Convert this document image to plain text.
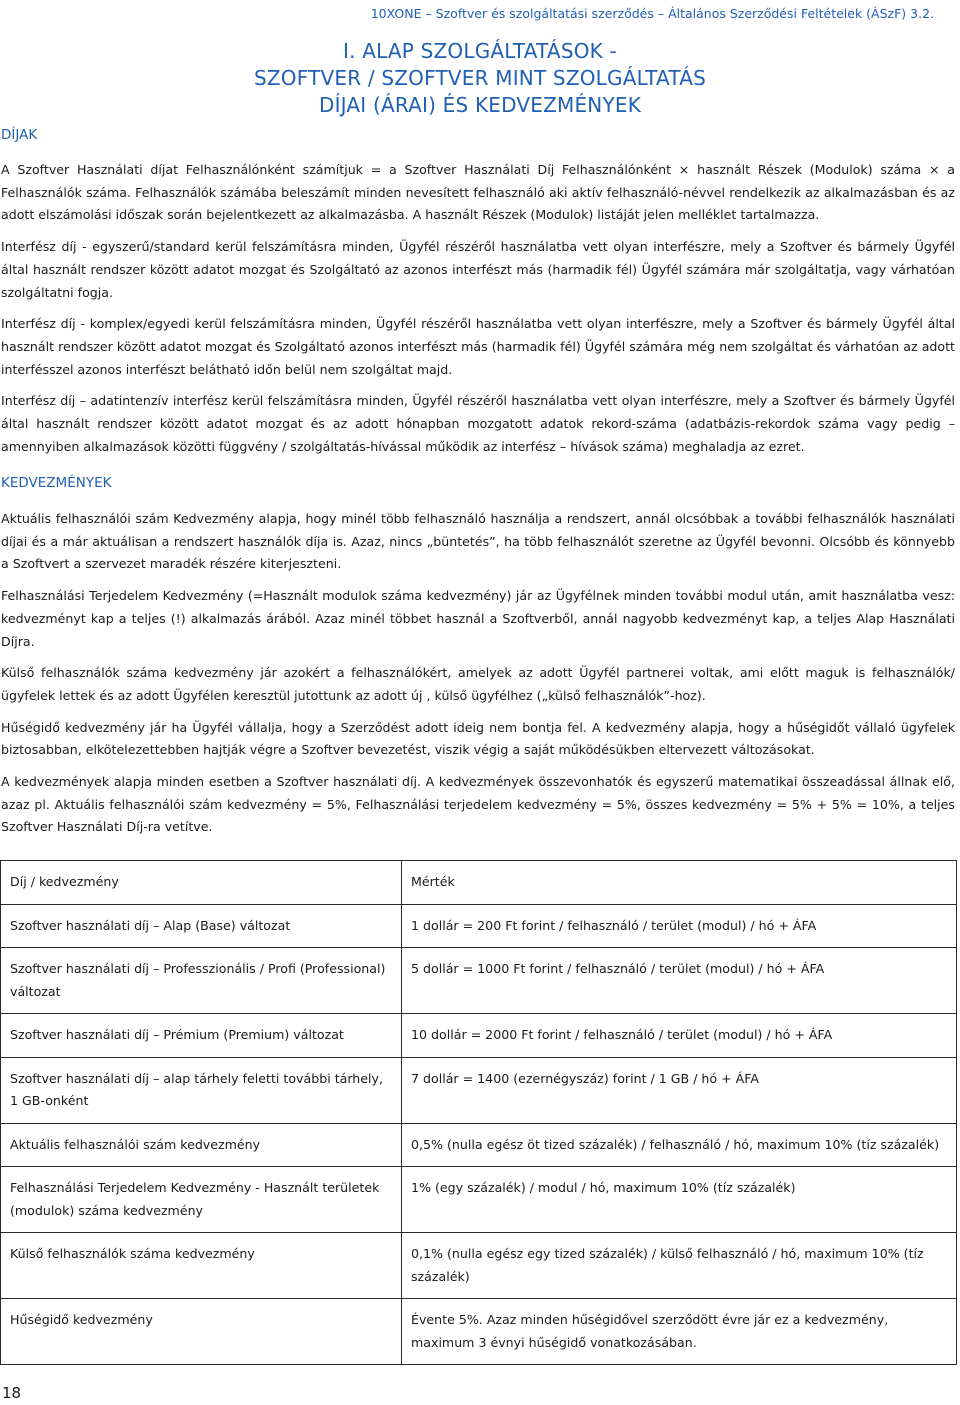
10XONE – Szoftver és szolgáltatási szerződés – Általános Szerződési Feltételek (ÁSzF) 3.2.
I. ALAP SZOLGÁLTATÁSOK -
SZOFTVER / SZOFTVER MINT SZOLGÁLTATÁS
DÍJAI (ÁRAI) ÉS KEDVEZMÉNYEK
DÍJAK

A Szoftver Használati díjat Felhasználónként számítjuk = a Szoftver Használati Díj Felhasználónként × használt Részek (Modulok) száma × a Felhasználók száma. Felhasználók számába beleszámít minden nevesített felhasználó aki aktív felhasználó-névvel rendelkezik az alkalmazásban és az adott elszámolási időszak során bejelentkezett az alkalmazásba. A használt Részek (Modulok) listáját jelen melléklet tartalmazza.

Interfész díj - egyszerű/standard kerül felszámításra minden, Ügyfél részéről használatba vett olyan interfészre, mely a Szoftver és bármely Ügyfél által használt rendszer között adatot mozgat és Szolgáltató az azonos interfészt más (harmadik fél) Ügyfél számára már szolgáltatja, vagy várhatóan szolgáltatni fogja.

Interfész díj - komplex/egyedi kerül felszámításra minden, Ügyfél részéről használatba vett olyan interfészre, mely a Szoftver és bármely Ügyfél által használt rendszer között adatot mozgat és Szolgáltató azonos interfészt más (harmadik fél) Ügyfél számára még nem szolgáltat és várhatóan az adott interfésszel azonos interfészt belátható időn belül nem szolgáltat majd.

Interfész díj – adatintenzív interfész kerül felszámításra minden, Ügyfél részéről használatba vett olyan interfészre, mely a Szoftver és bármely Ügyfél által használt rendszer között adatot mozgat és az adott hónapban mozgatott adatok rekord-száma (adatbázis-rekordok száma vagy pedig – amennyiben alkalmazások közötti függvény / szolgáltatás-hívással működik az interfész – hívások száma) meghaladja az ezret.

KEDVEZMÉNYEK

Aktuális felhasználói szám Kedvezmény alapja, hogy minél több felhasználó használja a rendszert, annál olcsóbbak a további felhasználók használati díjai és a már aktuálisan a rendszert használók díja is. Azaz, nincs „büntetés”, ha több felhasználót szeretne az Ügyfél bevonni. Olcsóbb és könnyebb a Szoftvert a szervezet maradék részére kiterjeszteni.

Felhasználási Terjedelem Kedvezmény (=Használt modulok száma kedvezmény) jár az Ügyfélnek minden további modul után, amit használatba vesz: kedvezményt kap a teljes (!) alkalmazás árából. Azaz minél többet használ a Szoftverből, annál nagyobb kedvezményt kap, a teljes Alap Használati Díjra.

Külső felhasználók száma kedvezmény jár azokért a felhasználókért, amelyek az adott Ügyfél partnerei voltak, ami előtt maguk is felhasználók/ ügyfelek lettek és az adott Ügyfélen keresztül jutottunk az adott új , külső ügyfélhez („külső felhasználók”-hoz).

Hűségidő kedvezmény jár ha Ügyfél vállalja, hogy a Szerződést adott ideig nem bontja fel. A kedvezmény alapja, hogy a hűségidőt vállaló ügyfelek biztosabban, elkötelezettebben hajtják végre a Szoftver bevezetést, viszik végig a saját működésükben eltervezett változásokat.

A kedvezmények alapja minden esetben a Szoftver használati díj. A kedvezmények összevonhatók és egyszerű matematikai összeadással állnak elő, azaz pl. Aktuális felhasználói szám kedvezmény = 5%, Felhasználási terjedelem kedvezmény = 5%, összes kedvezmény = 5% + 5% = 10%, a teljes Szoftver Használati Díj-ra vetítve.

Díj / kedvezmény	Mérték
Szoftver használati díj – Alap (Base) változat	1 dollár = 200 Ft forint / felhasználó / terület (modul) / hó + ÁFA
Szoftver használati díj – Professzionális / Profi (Professional) változat	5 dollár = 1000 Ft forint / felhasználó / terület (modul) / hó + ÁFA
Szoftver használati díj – Prémium (Premium) változat	10 dollár = 2000 Ft forint / felhasználó / terület (modul) / hó + ÁFA
Szoftver használati díj – alap tárhely feletti további tárhely, 1 GB-onként	7 dollár = 1400 (ezernégyszáz) forint / 1 GB / hó + ÁFA
Aktuális felhasználói szám kedvezmény	0,5% (nulla egész öt tized százalék) / felhasználó / hó, maximum 10% (tíz százalék)
Felhasználási Terjedelem Kedvezmény - Használt területek (modulok) száma kedvezmény	1% (egy százalék) / modul / hó, maximum 10% (tíz százalék)
Külső felhasználók száma kedvezmény	0,1% (nulla egész egy tized százalék) / külső felhasználó / hó, maximum 10% (tíz százalék)
Hűségidő kedvezmény	Évente 5%. Azaz minden hűségidővel szerződött évre jár ez a kedvezmény, maximum 3 évnyi hűségidő vonatkozásában.
18
